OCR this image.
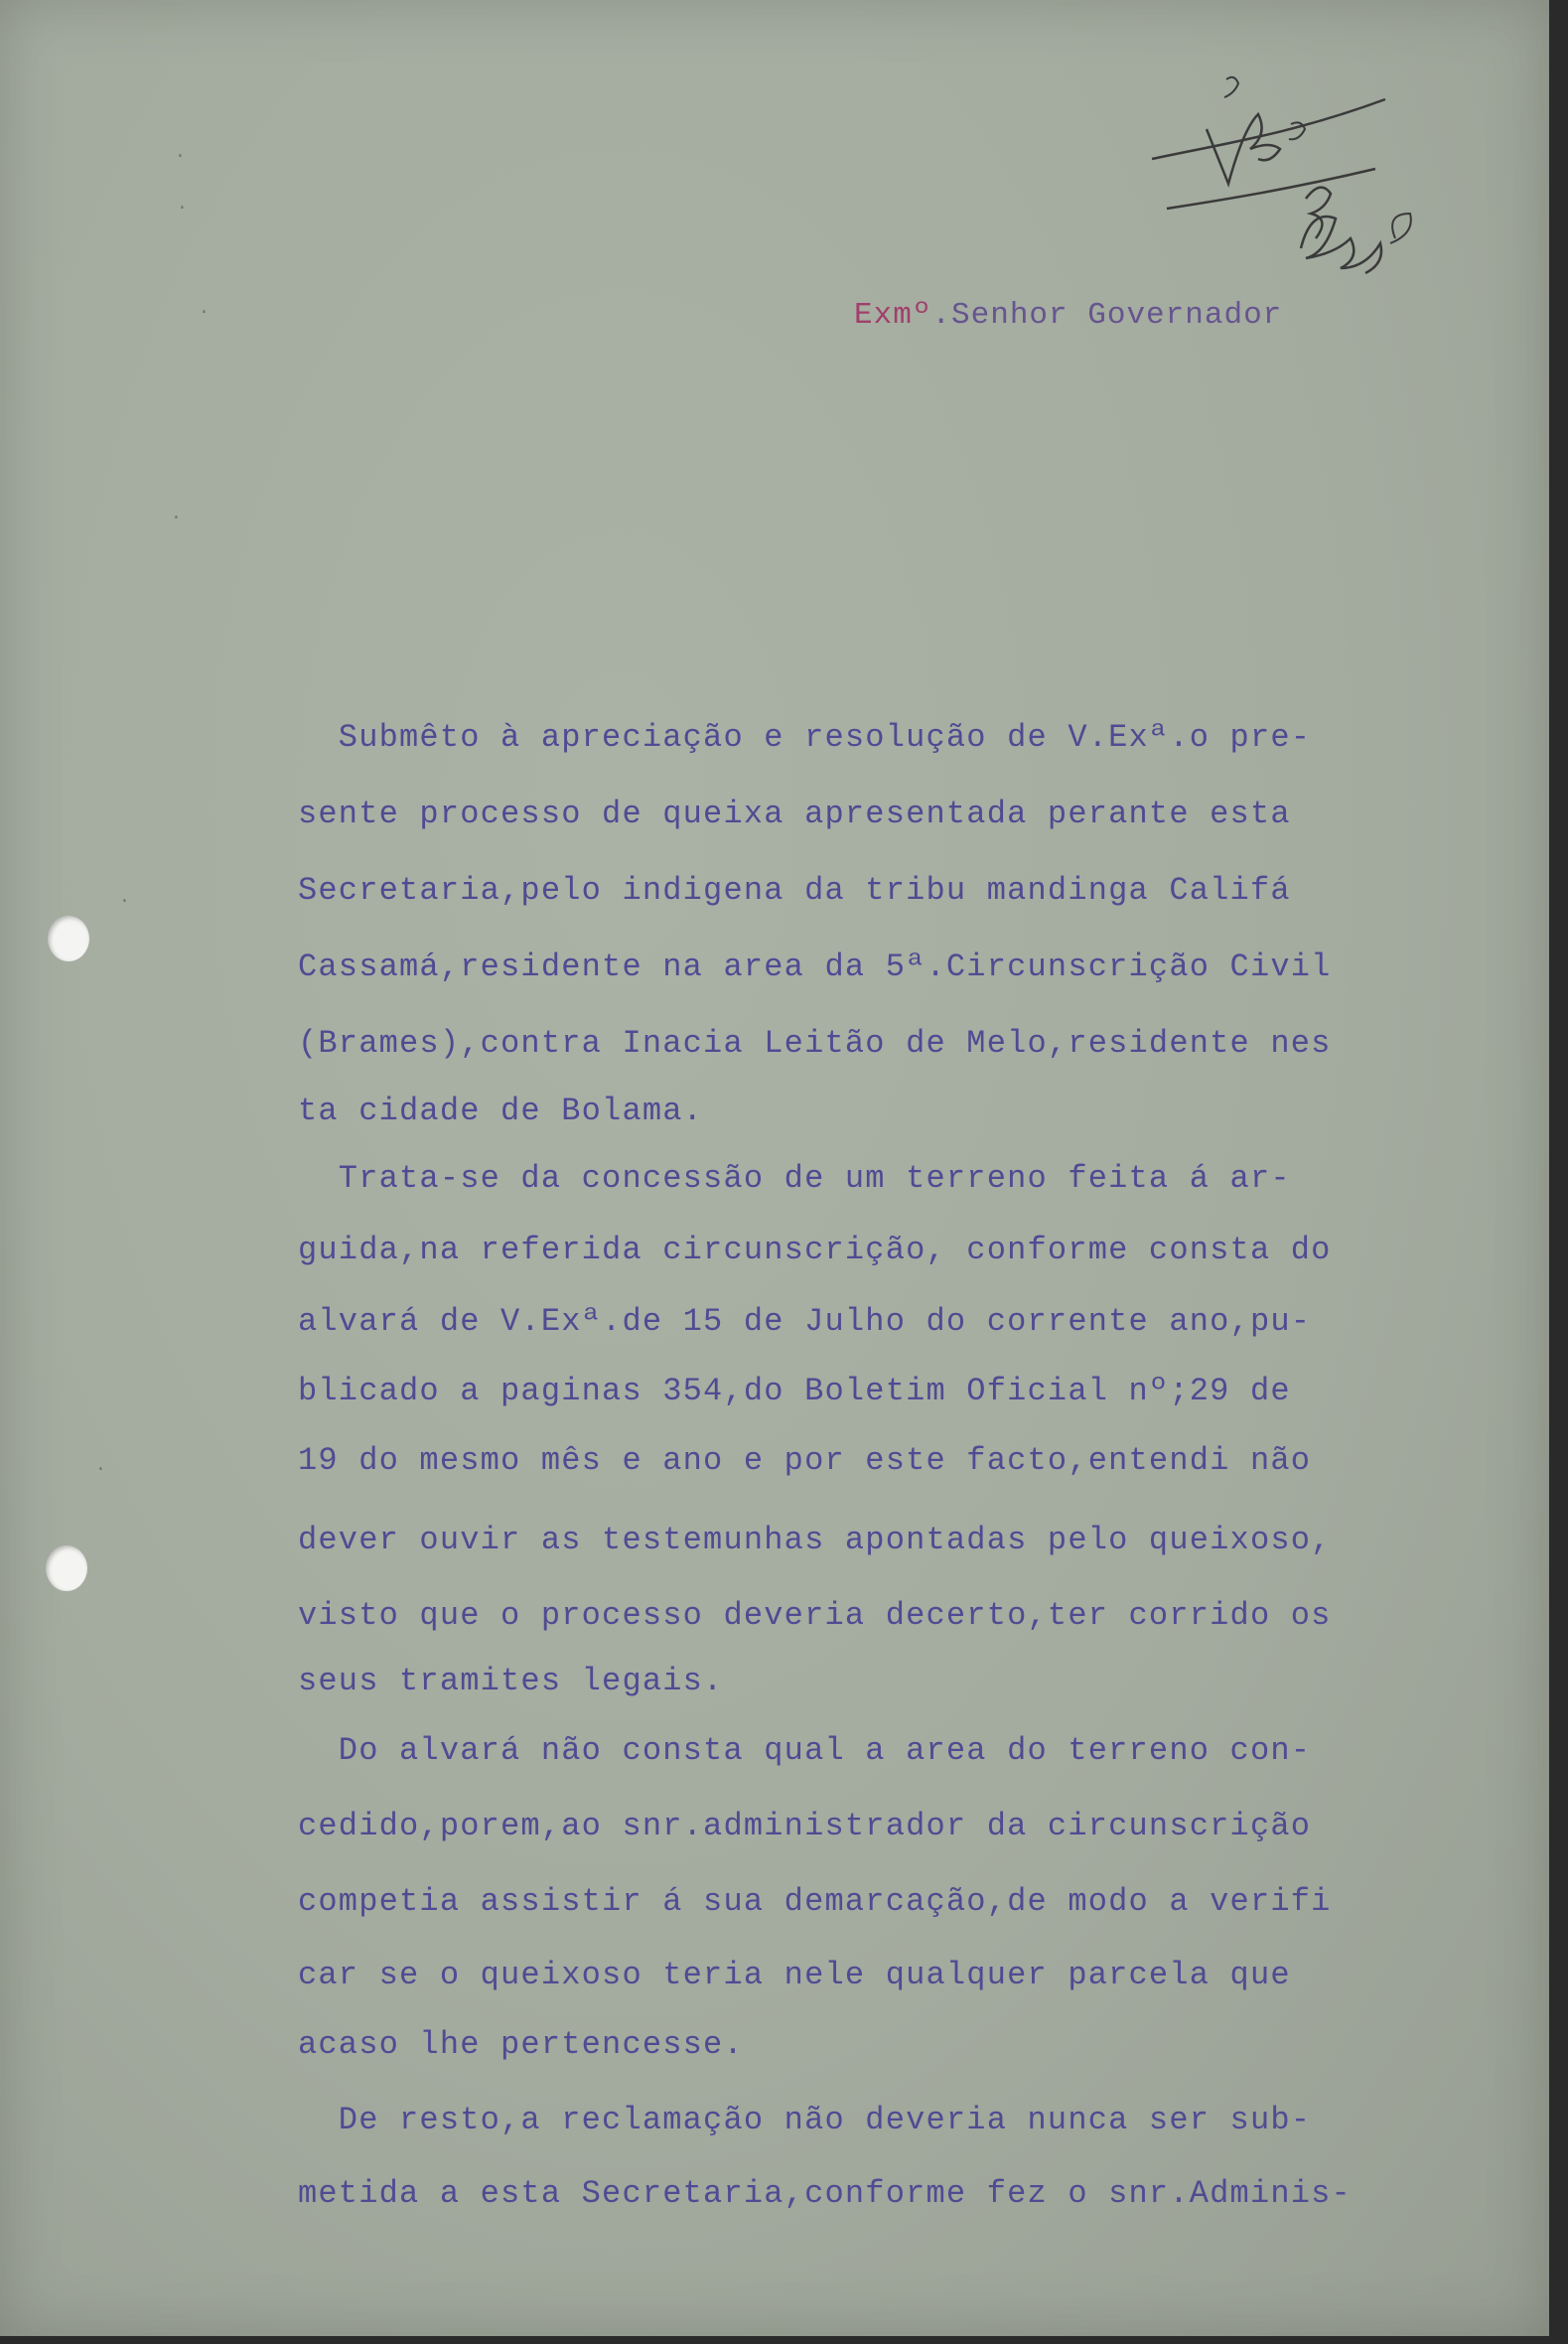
·
·
·
·
·
·
Exmº.Senhor Governador
Submêto à apreciação e resolução de V.Exª.o pre-
sente processo de queixa apresentada perante esta
Secretaria,pelo indigena da tribu mandinga Califá
Cassamá,residente na area da 5ª.Circunscrição Civil
(Brames),contra Inacia Leitão de Melo,residente nes
ta cidade de Bolama.
Trata-se da concessão de um terreno feita á ar-
guida,na referida circunscrição, conforme consta do
alvará de V.Exª.de 15 de Julho do corrente ano,pu-
blicado a paginas 354,do Boletim Oficial nº;29 de
19 do mesmo mês e ano e por este facto,entendi não
dever ouvir as testemunhas apontadas pelo queixoso,
visto que o processo deveria decerto,ter corrido os
seus tramites legais.
Do alvará não consta qual a area do terreno con-
cedido,porem,ao snr.administrador da circunscrição
competia assistir á sua demarcação,de modo a verifi
car se o queixoso teria nele qualquer parcela que
acaso lhe pertencesse.
De resto,a reclamação não deveria nunca ser sub-
metida a esta Secretaria,conforme fez o snr.Adminis-
